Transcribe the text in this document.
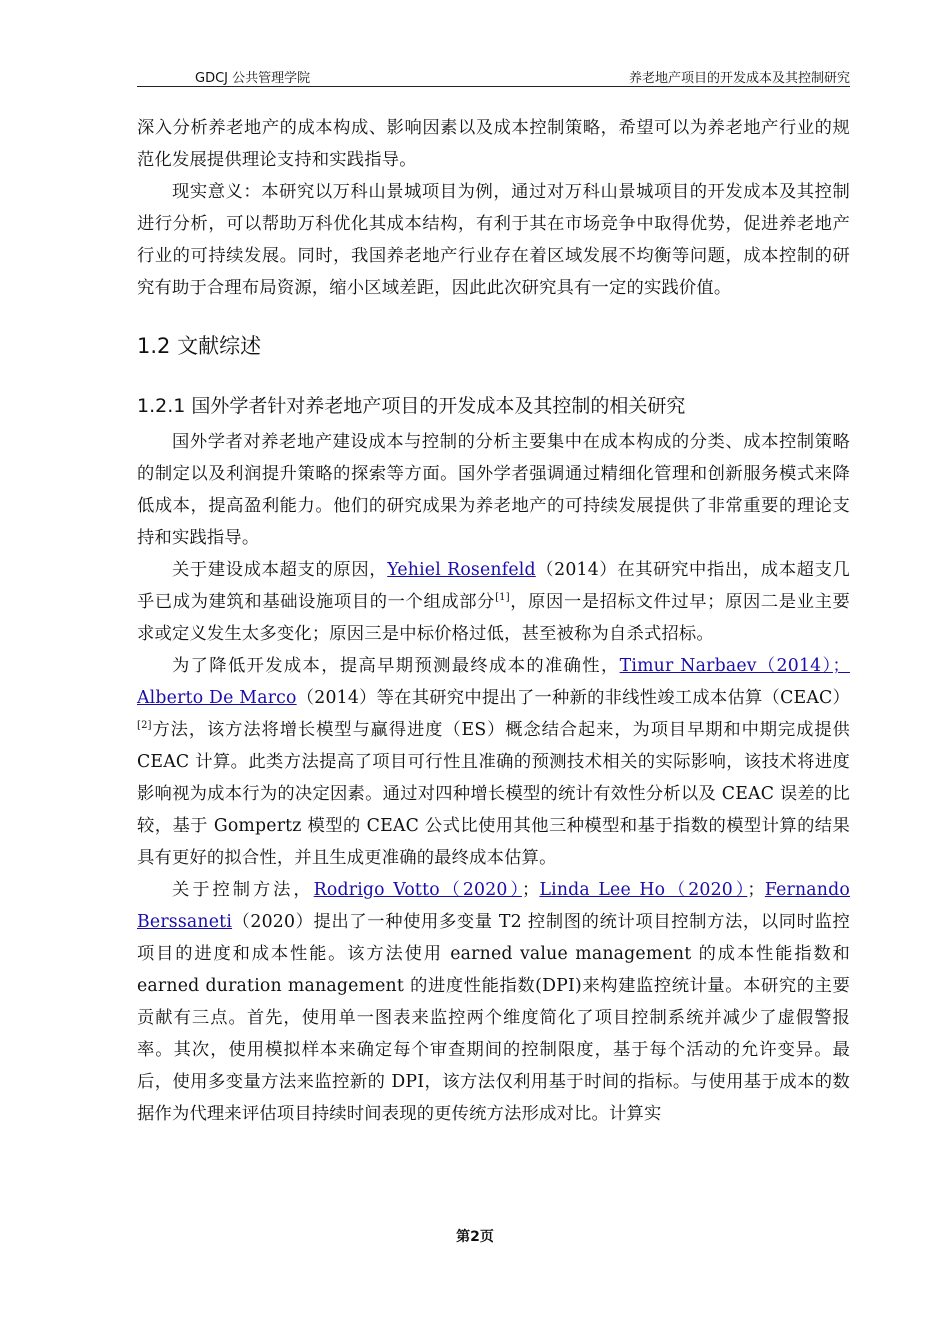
GDCJ 公共管理学院	养老地产项目的开发成本及其控制研究

深入分析养老地产的成本构成、影响因素以及成本控制策略，希望可以为养老地产行业的规范化发展提供理论支持和实践指导。

现实意义：本研究以万科山景城项目为例，通过对万科山景城项目的开发成本及其控制进行分析，可以帮助万科优化其成本结构，有利于其在市场竞争中取得优势，促进养老地产行业的可持续发展。同时，我国养老地产行业存在着区域发展不均衡等问题，成本控制的研究有助于合理布局资源，缩小区域差距，因此此次研究具有一定的实践价值。

1.2 文献综述
1.2.1 国外学者针对养老地产项目的开发成本及其控制的相关研究

国外学者对养老地产建设成本与控制的分析主要集中在成本构成的分类、成本控制策略的制定以及利润提升策略的探索等方面。国外学者强调通过精细化管理和创新服务模式来降低成本，提高盈利能力。他们的研究成果为养老地产的可持续发展提供了非常重要的理论支持和实践指导。

关于建设成本超支的原因，Yehiel Rosenfeld（2014）在其研究中指出，成本超支几乎已成为建筑和基础设施项目的一个组成部分[1]，原因一是招标文件过早；原因二是业主要求或定义发生太多变化；原因三是中标价格过低，甚至被称为自杀式招标。

为了降低开发成本，提高早期预测最终成本的准确性，Timur Narbaev（2014）；Alberto De Marco（2014）等在其研究中提出了一种新的非线性竣工成本估算（CEAC）[2]方法，该方法将增长模型与赢得进度（ES）概念结合起来，为项目早期和中期完成提供 CEAC 计算。此类方法提高了项目可行性且准确的预测技术相关的实际影响，该技术将进度影响视为成本行为的决定因素。通过对四种增长模型的统计有效性分析以及 CEAC 误差的比较，基于 Gompertz 模型的 CEAC 公式比使用其他三种模型和基于指数的模型计算的结果具有更好的拟合性，并且生成更准确的最终成本估算。

关于控制方法，Rodrigo Votto（2020）；Linda Lee Ho（2020）；Fernando Berssaneti（2020）提出了一种使用多变量 T2 控制图的统计项目控制方法，以同时监控项目的进度和成本性能。该方法使用 earned value management 的成本性能指数和 earned duration management 的进度性能指数(DPI)来构建监控统计量。本研究的主要贡献有三点。首先，使用单一图表来监控两个维度简化了项目控制系统并减少了虚假警报率。其次，使用模拟样本来确定每个审查期间的控制限度，基于每个活动的允许变异。最后，使用多变量方法来监控新的 DPI，该方法仅利用基于时间的指标。与使用基于成本的数据作为代理来评估项目持续时间表现的更传统方法形成对比。计算实

第2页
